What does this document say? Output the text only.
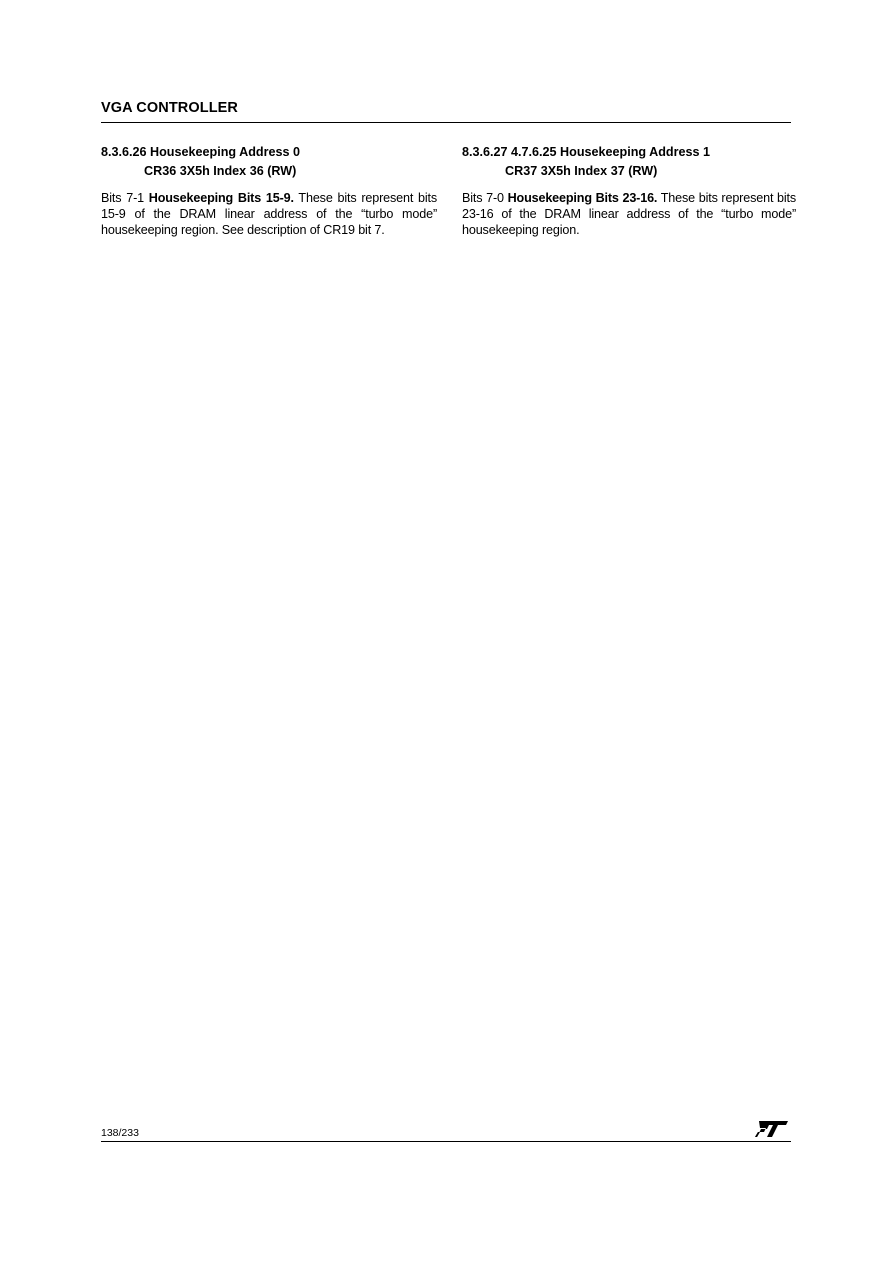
VGA CONTROLLER
8.3.6.26 Housekeeping Address 0
CR36 3X5h Index 36 (RW)

Bits 7-1 Housekeeping Bits 15-9. These bits represent bits 15-9 of the DRAM linear address of the “turbo mode” housekeeping region. See description of CR19 bit 7.

8.3.6.27 4.7.6.25 Housekeeping Address 1
CR37 3X5h Index 37 (RW)

Bits 7-0 Housekeeping Bits 23-16. These bits represent bits 23-16 of the DRAM linear address of the “turbo mode” housekeeping region.

138/233
